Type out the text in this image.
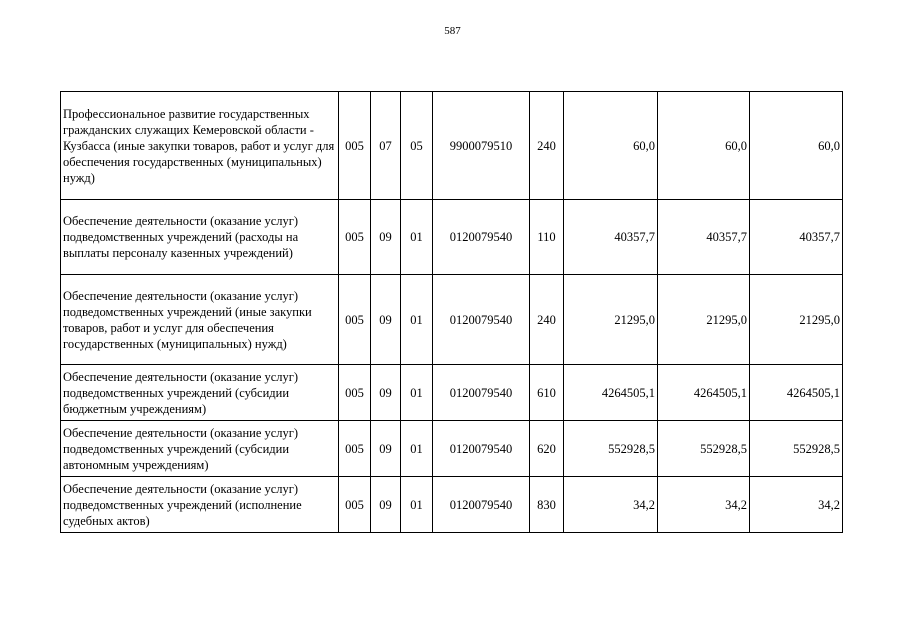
587
Профессиональное развитие государственных гражданских служащих Кемеровской области - Кузбасса (иные закупки товаров, работ и услуг для обеспечения государственных (муниципальных) нужд)	005	07	05	9900079510	240	60,0	60,0	60,0
Обеспечение деятельности (оказание услуг) подведомственных учреждений (расходы на выплаты персоналу казенных учреждений)	005	09	01	0120079540	110	40357,7	40357,7	40357,7
Обеспечение деятельности (оказание услуг) подведомственных учреждений (иные закупки товаров, работ и услуг для обеспечения государственных (муниципальных) нужд)	005	09	01	0120079540	240	21295,0	21295,0	21295,0
Обеспечение деятельности (оказание услуг) подведомственных учреждений (субсидии бюджетным учреждениям)	005	09	01	0120079540	610	4264505,1	4264505,1	4264505,1
Обеспечение деятельности (оказание услуг) подведомственных учреждений (субсидии автономным учреждениям)	005	09	01	0120079540	620	552928,5	552928,5	552928,5
Обеспечение деятельности (оказание услуг) подведомственных учреждений (исполнение судебных актов)	005	09	01	0120079540	830	34,2	34,2	34,2
